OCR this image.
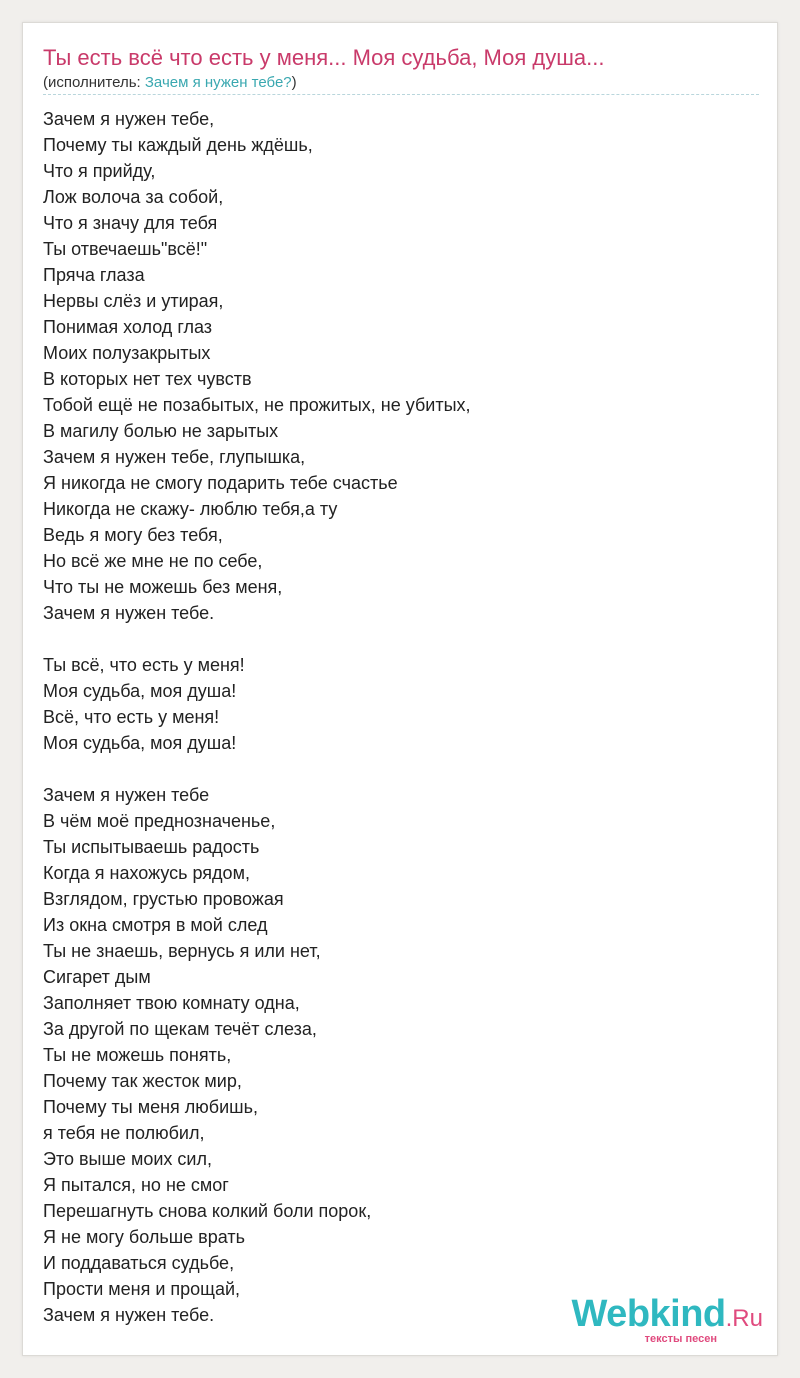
Ты есть всё что есть у меня... Моя судьба, Моя душа...
(исполнитель: Зачем я нужен тебе?)
Зачем я нужен тебе,
Почему ты каждый день ждёшь,
Что я прийду,
Лож волоча за собой,
Что я значу для тебя
Ты отвечаешь"всё!"
Пряча глаза
Нервы слёз и утирая,
Понимая холод глаз
Моих полузакрытых
В которых нет тех чувств
Тобой ещё не позабытых, не прожитых, не убитых,
В магилу болью не зарытых
Зачем я нужен тебе, глупышка,
Я никогда не смогу подарить тебе счастье
Никогда не скажу- люблю тебя,а ту
Ведь я могу без тебя,
Но всё же мне не по себе,
Что ты не можешь без меня,
Зачем я нужен тебе.
Ты всё, что есть у меня!
Моя судьба, моя душа!
Всё, что есть у меня!
Моя судьба, моя душа!
Зачем я нужен тебе
В чём моё преднозначенье,
Ты испытываешь радость
Когда я нахожусь рядом,
Взглядом, грустью провожая
Из окна смотря в мой след
Ты не знаешь, вернусь я или нет,
Сигарет дым
Заполняет твою комнату одна,
За другой по щекам течёт слеза,
Ты не можешь понять,
Почему так жесток мир,
Почему ты меня любишь,
я тебя не полюбил,
Это выше моих сил,
Я пытался, но не смог
Перешагнуть снова колкий боли порок,
Я не могу больше врать
И поддаваться судьбе,
Прости меня и прощай,
Зачем я нужен тебе.	Webkind.Ru
тексты песен
